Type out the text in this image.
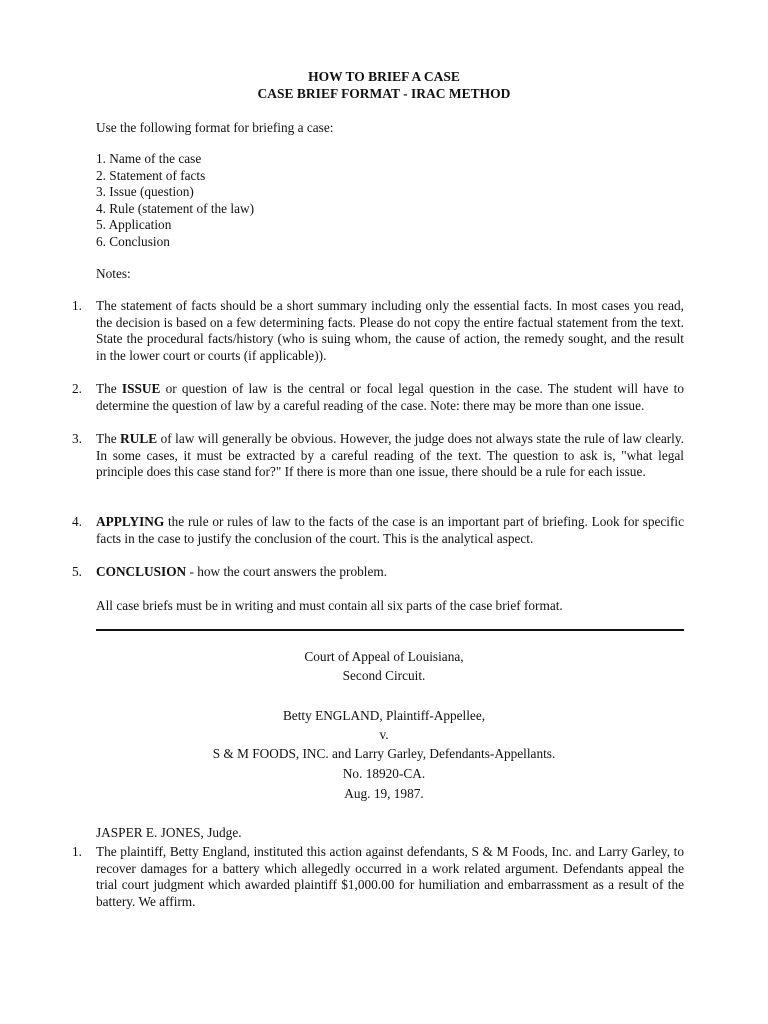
HOW TO BRIEF A CASE
CASE BRIEF FORMAT - IRAC METHOD
Use the following format for briefing a case:
1. Name of the case
2. Statement of facts
3. Issue (question)
4. Rule (statement of the law)
5. Application
6. Conclusion
Notes:
1.	The statement of facts should be a short summary including only the essential facts. In most cases you read, the decision is based on a few determining facts. Please do not copy the entire factual statement from the text. State the procedural facts/history (who is suing whom, the cause of action, the remedy sought, and the result in the lower court or courts (if applicable)).
2.	The ISSUE or question of law is the central or focal legal question in the case. The student will have to determine the question of law by a careful reading of the case. Note: there may be more than one issue.
3.	The RULE of law will generally be obvious. However, the judge does not always state the rule of law clearly. In some cases, it must be extracted by a careful reading of the text. The question to ask is, "what legal principle does this case stand for?" If there is more than one issue, there should be a rule for each issue.
4.	APPLYING the rule or rules of law to the facts of the case is an important part of briefing. Look for specific facts in the case to justify the conclusion of the court. This is the analytical aspect.
5.	CONCLUSION - how the court answers the problem.
All case briefs must be in writing and must contain all six parts of the case brief format.
Court of Appeal of Louisiana,
Second Circuit.
Betty ENGLAND, Plaintiff-Appellee,
v.
S & M FOODS, INC. and Larry Garley, Defendants-Appellants.
No. 18920-CA.
Aug. 19, 1987.
JASPER E. JONES, Judge.
1.	The plaintiff, Betty England, instituted this action against defendants, S & M Foods, Inc. and Larry Garley, to recover damages for a battery which allegedly occurred in a work related argument. Defendants appeal the trial court judgment which awarded plaintiff $1,000.00 for humiliation and embarrassment as a result of the battery. We affirm.
